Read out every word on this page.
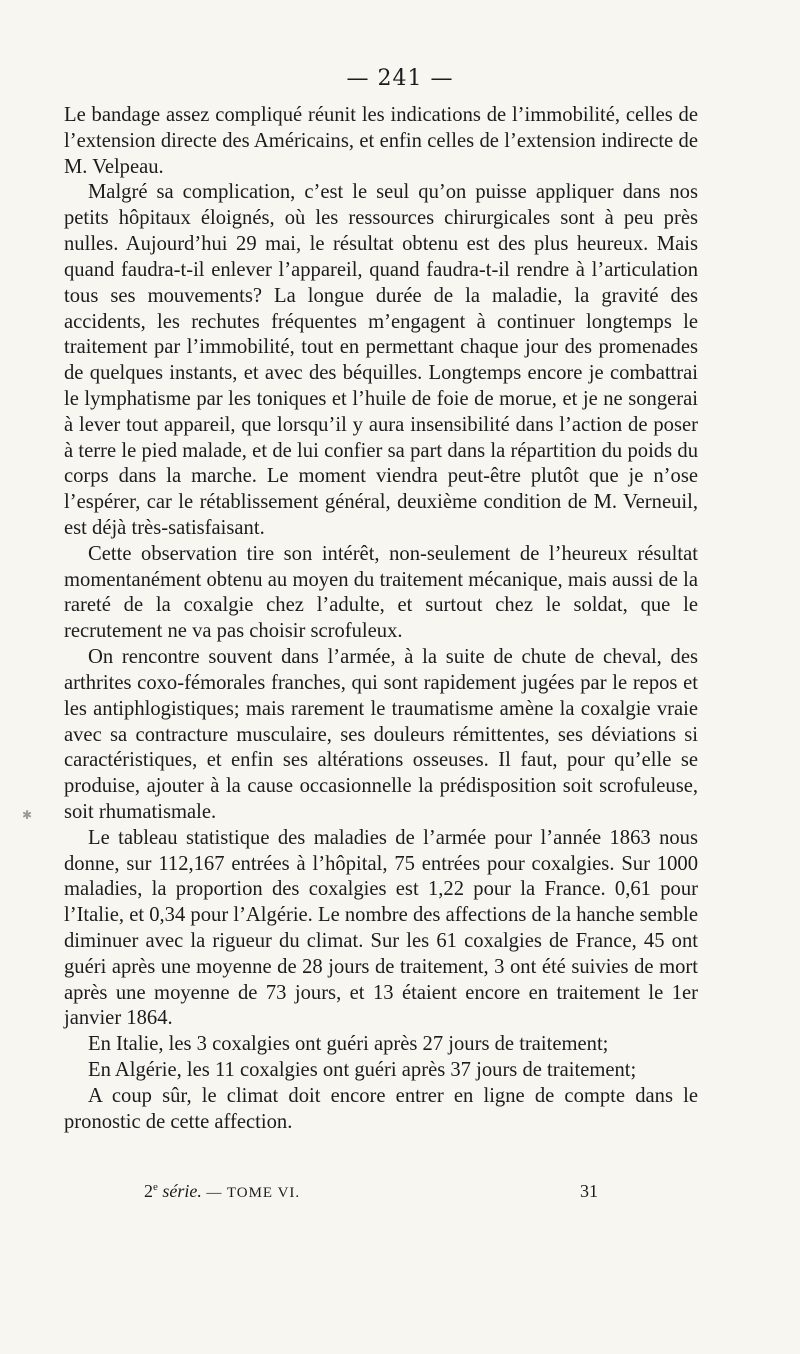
— 241 —

Le bandage assez compliqué réunit les indications de l’immobilité, celles de l’extension directe des Américains, et enfin celles de l’extension indirecte de M. Velpeau.

Malgré sa complication, c’est le seul qu’on puisse appliquer dans nos petits hôpitaux éloignés, où les ressources chirurgicales sont à peu près nulles. Aujourd’hui 29 mai, le résultat obtenu est des plus heureux. Mais quand faudra-t-il enlever l’appareil, quand faudra-t-il rendre à l’articulation tous ses mouvements? La longue durée de la maladie, la gravité des accidents, les rechutes fréquentes m’engagent à continuer longtemps le traitement par l’immobilité, tout en permettant chaque jour des promenades de quelques instants, et avec des béquilles. Longtemps encore je combattrai le lymphatisme par les toniques et l’huile de foie de morue, et je ne songerai à lever tout appareil, que lorsqu’il y aura insensibilité dans l’action de poser à terre le pied malade, et de lui confier sa part dans la répartition du poids du corps dans la marche. Le moment viendra peut-être plutôt que je n’ose l’espérer, car le rétablissement général, deuxième condition de M. Verneuil, est déjà très-satisfaisant.

Cette observation tire son intérêt, non-seulement de l’heureux résultat momentanément obtenu au moyen du traitement mécanique, mais aussi de la rareté de la coxalgie chez l’adulte, et surtout chez le soldat, que le recrutement ne va pas choisir scrofuleux.

On rencontre souvent dans l’armée, à la suite de chute de cheval, des arthrites coxo-fémorales franches, qui sont rapidement jugées par le repos et les antiphlogistiques; mais rarement le traumatisme amène la coxalgie vraie avec sa contracture musculaire, ses douleurs rémittentes, ses déviations si caractéristiques, et enfin ses altérations osseuses. Il faut, pour qu’elle se produise, ajouter à la cause occasionnelle la prédisposition soit scrofuleuse, soit rhumatismale.

Le tableau statistique des maladies de l’armée pour l’année 1863 nous donne, sur 112,167 entrées à l’hôpital, 75 entrées pour coxalgies. Sur 1000 maladies, la proportion des coxalgies est 1,22 pour la France. 0,61 pour l’Italie, et 0,34 pour l’Algérie. Le nombre des affections de la hanche semble diminuer avec la rigueur du climat. Sur les 61 coxalgies de France, 45 ont guéri après une moyenne de 28 jours de traitement, 3 ont été suivies de mort après une moyenne de 73 jours, et 13 étaient encore en traitement le 1er janvier 1864.

En Italie, les 3 coxalgies ont guéri après 27 jours de traitement;

En Algérie, les 11 coxalgies ont guéri après 37 jours de traitement;

A coup sûr, le climat doit encore entrer en ligne de compte dans le pronostic de cette affection.

2e série. — TOME VI.	31
✱
